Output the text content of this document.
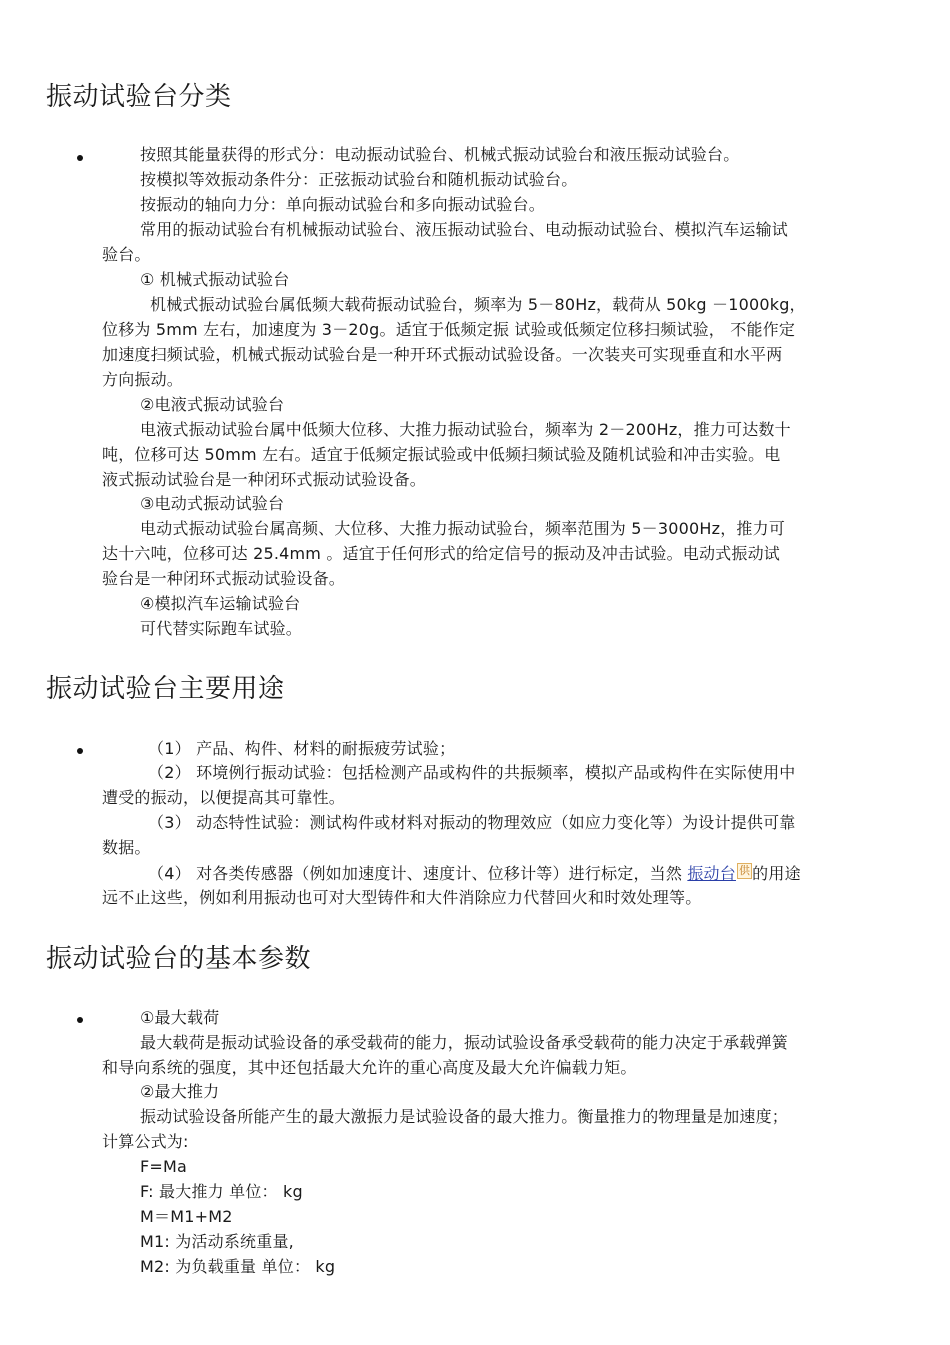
振动试验台分类
按照其能量获得的形式分：电动振动试验台、机械式振动试验台和液压振动试验台。
按模拟等效振动条件分：正弦振动试验台和随机振动试验台。
按振动的轴向力分：单向振动试验台和多向振动试验台。
常用的振动试验台有机械振动试验台、液压振动试验台、电动振动试验台、模拟汽车运输试
验台。
① 机械式振动试验台
机械式振动试验台属低频大载荷振动试验台，频率为 5－80Hz，载荷从 50kg －1000kg，
位移为 5mm 左右，加速度为 3－20g。适宜于低频定振 试验或低频定位移扫频试验， 不能作定
加速度扫频试验，机械式振动试验台是一种开环式振动试验设备。一次装夹可实现垂直和水平两
方向振动。
②电液式振动试验台
电液式振动试验台属中低频大位移、大推力振动试验台，频率为 2－200Hz，推力可达数十
吨，位移可达 50mm 左右。适宜于低频定振试验或中低频扫频试验及随机试验和冲击实验。电
液式振动试验台是一种闭环式振动试验设备。
③电动式振动试验台
电动式振动试验台属高频、大位移、大推力振动试验台，频率范围为 5－3000Hz，推力可
达十六吨，位移可达 25.4mm 。适宜于任何形式的给定信号的振动及冲击试验。电动式振动试
验台是一种闭环式振动试验设备。
④模拟汽车运输试验台
可代替实际跑车试验。
振动试验台主要用途
（1） 产品、构件、材料的耐振疲劳试验；
（2） 环境例行振动试验：包括检测产品或构件的共振频率，模拟产品或构件在实际使用中
遭受的振动，以便提高其可靠性。
（3） 动态特性试验：测试构件或材料对振动的物理效应（如应力变化等）为设计提供可靠
数据。
（4） 对各类传感器（例如加速度计、速度计、位移计等）进行标定，当然 振动台 供 的用途
远不止这些，例如利用振动也可对大型铸件和大件消除应力代替回火和时效处理等。
振动试验台的基本参数
①最大载荷
最大载荷是振动试验设备的承受载荷的能力，振动试验设备承受载荷的能力决定于承载弹簧
和导向系统的强度，其中还包括最大允许的重心高度及最大允许偏载力矩。
②最大推力
振动试验设备所能产生的最大激振力是试验设备的最大推力。衡量推力的物理量是加速度；
计算公式为:
F=Ma
F: 最大推力 单位： kg
M＝M1+M2
M1: 为活动系统重量,
M2: 为负载重量 单位： kg
